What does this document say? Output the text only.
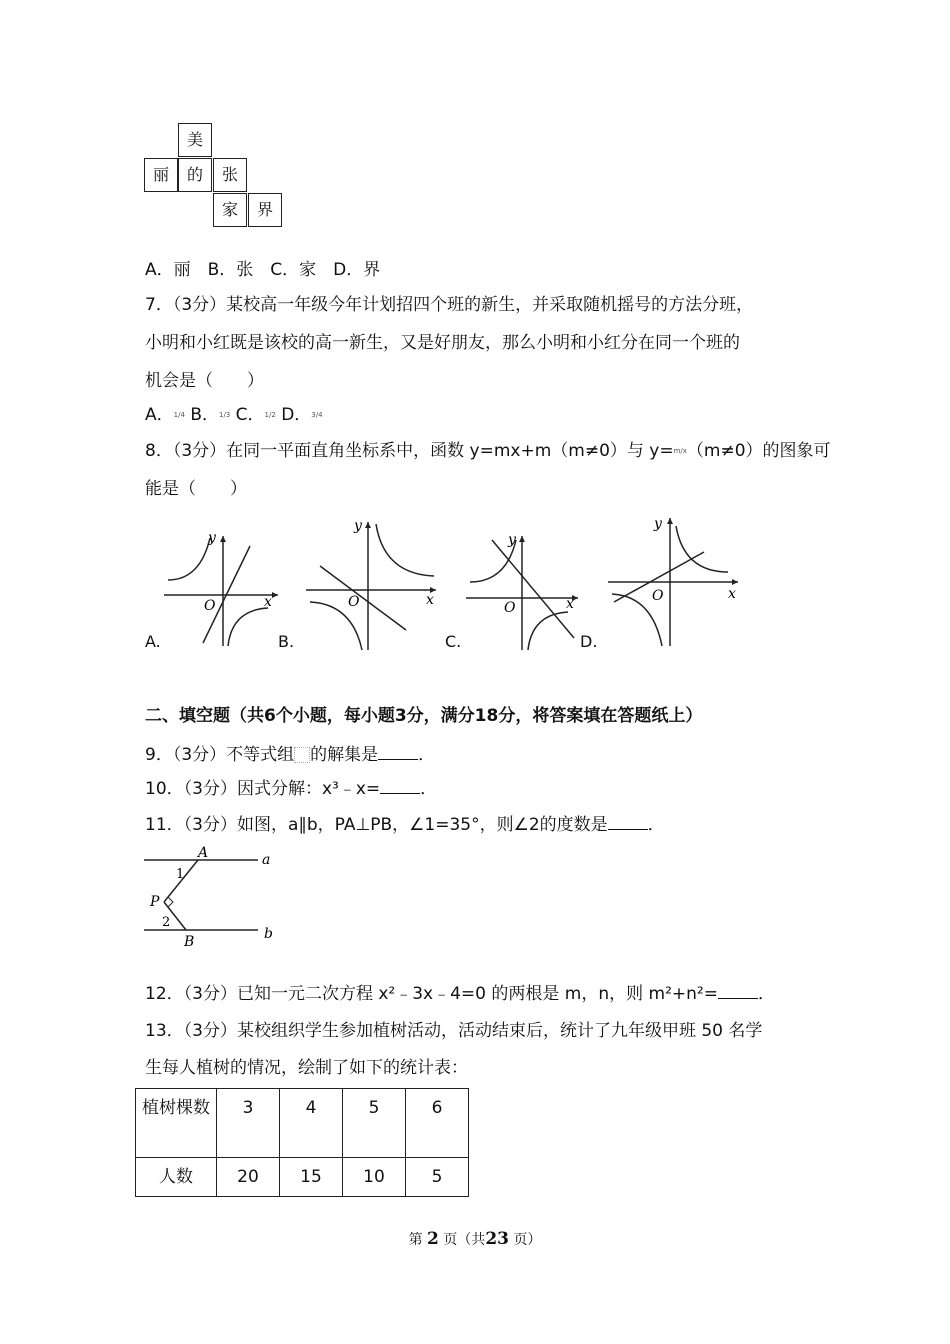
美
丽	的	张
家	界
A．丽　B．张　C．家　D．界
7．（3分）某校高一年级今年计划招四个班的新生，并采取随机摇号的方法分班，
小明和小红既是该校的高一新生，又是好朋友，那么小明和小红分在同一个班的
机会是（　　）
A．1/4 B．1/3 C．1/2 D．3/4
8．（3分）在同一平面直角坐标系中，函数 y=mx+m（m≠0）与 y=m/x（m≠0）的图象可
能是（　　）
y
x
O
A.
y
x
O
B.
y
x
O
C.
y
x
O
D.
二、填空题（共6个小题，每小题3分，满分18分，将答案填在答题纸上）
9．（3分）不等式组 的解集是 ．
10．（3分）因式分解：x³﹣x= ．
11．（3分）如图，a∥b，PA⊥PB，∠1=35°，则∠2的度数是 ．
A	a
P
1
2
B	b
12．（3分）已知一元二次方程 x²﹣3x﹣4=0 的两根是 m，n，则 m²+n²= ．
13．（3分）某校组织学生参加植树活动，活动结束后，统计了九年级甲班 50 名学
生每人植树的情况，绘制了如下的统计表：
植树棵数	3	4	5	6
人数	20	15	10	5
第 2 页（共23 页）
